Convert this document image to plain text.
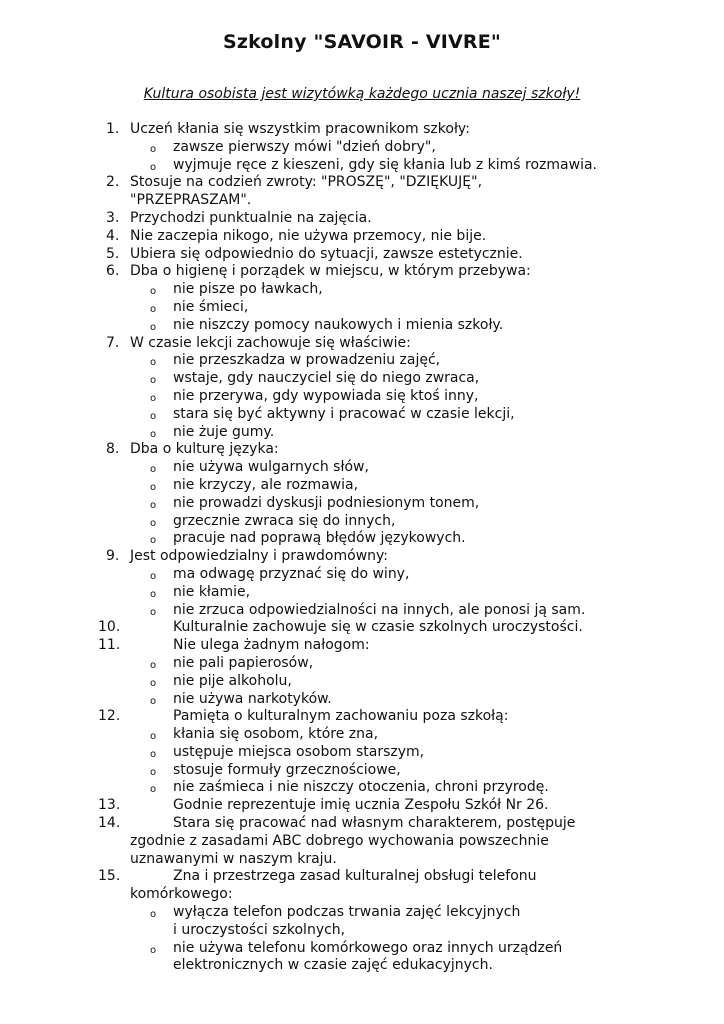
Szkolny "SAVOIR - VIVRE"
Kultura osobista jest wizytówką każdego ucznia naszej szkoły!
1. Uczeń kłania się wszystkim pracownikom szkoły:
o zawsze pierwszy mówi "dzień dobry",
o wyjmuje ręce z kieszeni, gdy się kłania lub z kimś rozmawia.
2. Stosuje na codzień zwroty: "PROSZĘ", "DZIĘKUJĘ",
"PRZEPRASZAM".
3. Przychodzi punktualnie na zajęcia.
4. Nie zaczepia nikogo, nie używa przemocy, nie bije.
5. Ubiera się odpowiednio do sytuacji, zawsze estetycznie.
6. Dba o higienę i porządek w miejscu, w którym przebywa:
o nie pisze po ławkach,
o nie śmieci,
o nie niszczy pomocy naukowych i mienia szkoły.
7. W czasie lekcji zachowuje się właściwie:
o nie przeszkadza w prowadzeniu zajęć,
o wstaje, gdy nauczyciel się do niego zwraca,
o nie przerywa, gdy wypowiada się ktoś inny,
o stara się być aktywny i pracować w czasie lekcji,
o nie żuje gumy.
8. Dba o kulturę języka:
o nie używa wulgarnych słów,
o nie krzyczy, ale rozmawia,
o nie prowadzi dyskusji podniesionym tonem,
o grzecznie zwraca się do innych,
o pracuje nad poprawą błędów językowych.
9. Jest odpowiedzialny i prawdomówny:
o ma odwagę przyznać się do winy,
o nie kłamie,
o nie zrzuca odpowiedzialności na innych, ale ponosi ją sam.
10.	Kulturalnie zachowuje się w czasie szkolnych uroczystości.
11.	Nie ulega żadnym nałogom:
o nie pali papierosów,
o nie pije alkoholu,
o nie używa narkotyków.
12.	Pamięta o kulturalnym zachowaniu poza szkołą:
o kłania się osobom, które zna,
o ustępuje miejsca osobom starszym,
o stosuje formuły grzecznościowe,
o nie zaśmieca i nie niszczy otoczenia, chroni przyrodę.
13.	Godnie reprezentuje imię ucznia Zespołu Szkół Nr 26.
14.	Stara się pracować nad własnym charakterem, postępuje
zgodnie z zasadami ABC dobrego wychowania powszechnie
uznawanymi w naszym kraju.
15.	Zna i przestrzega zasad kulturalnej obsługi telefonu
komórkowego:
o wyłącza telefon podczas trwania zajęć lekcyjnych
i uroczystości szkolnych,
o nie używa telefonu komórkowego oraz innych urządzeń
elektronicznych w czasie zajęć edukacyjnych.
